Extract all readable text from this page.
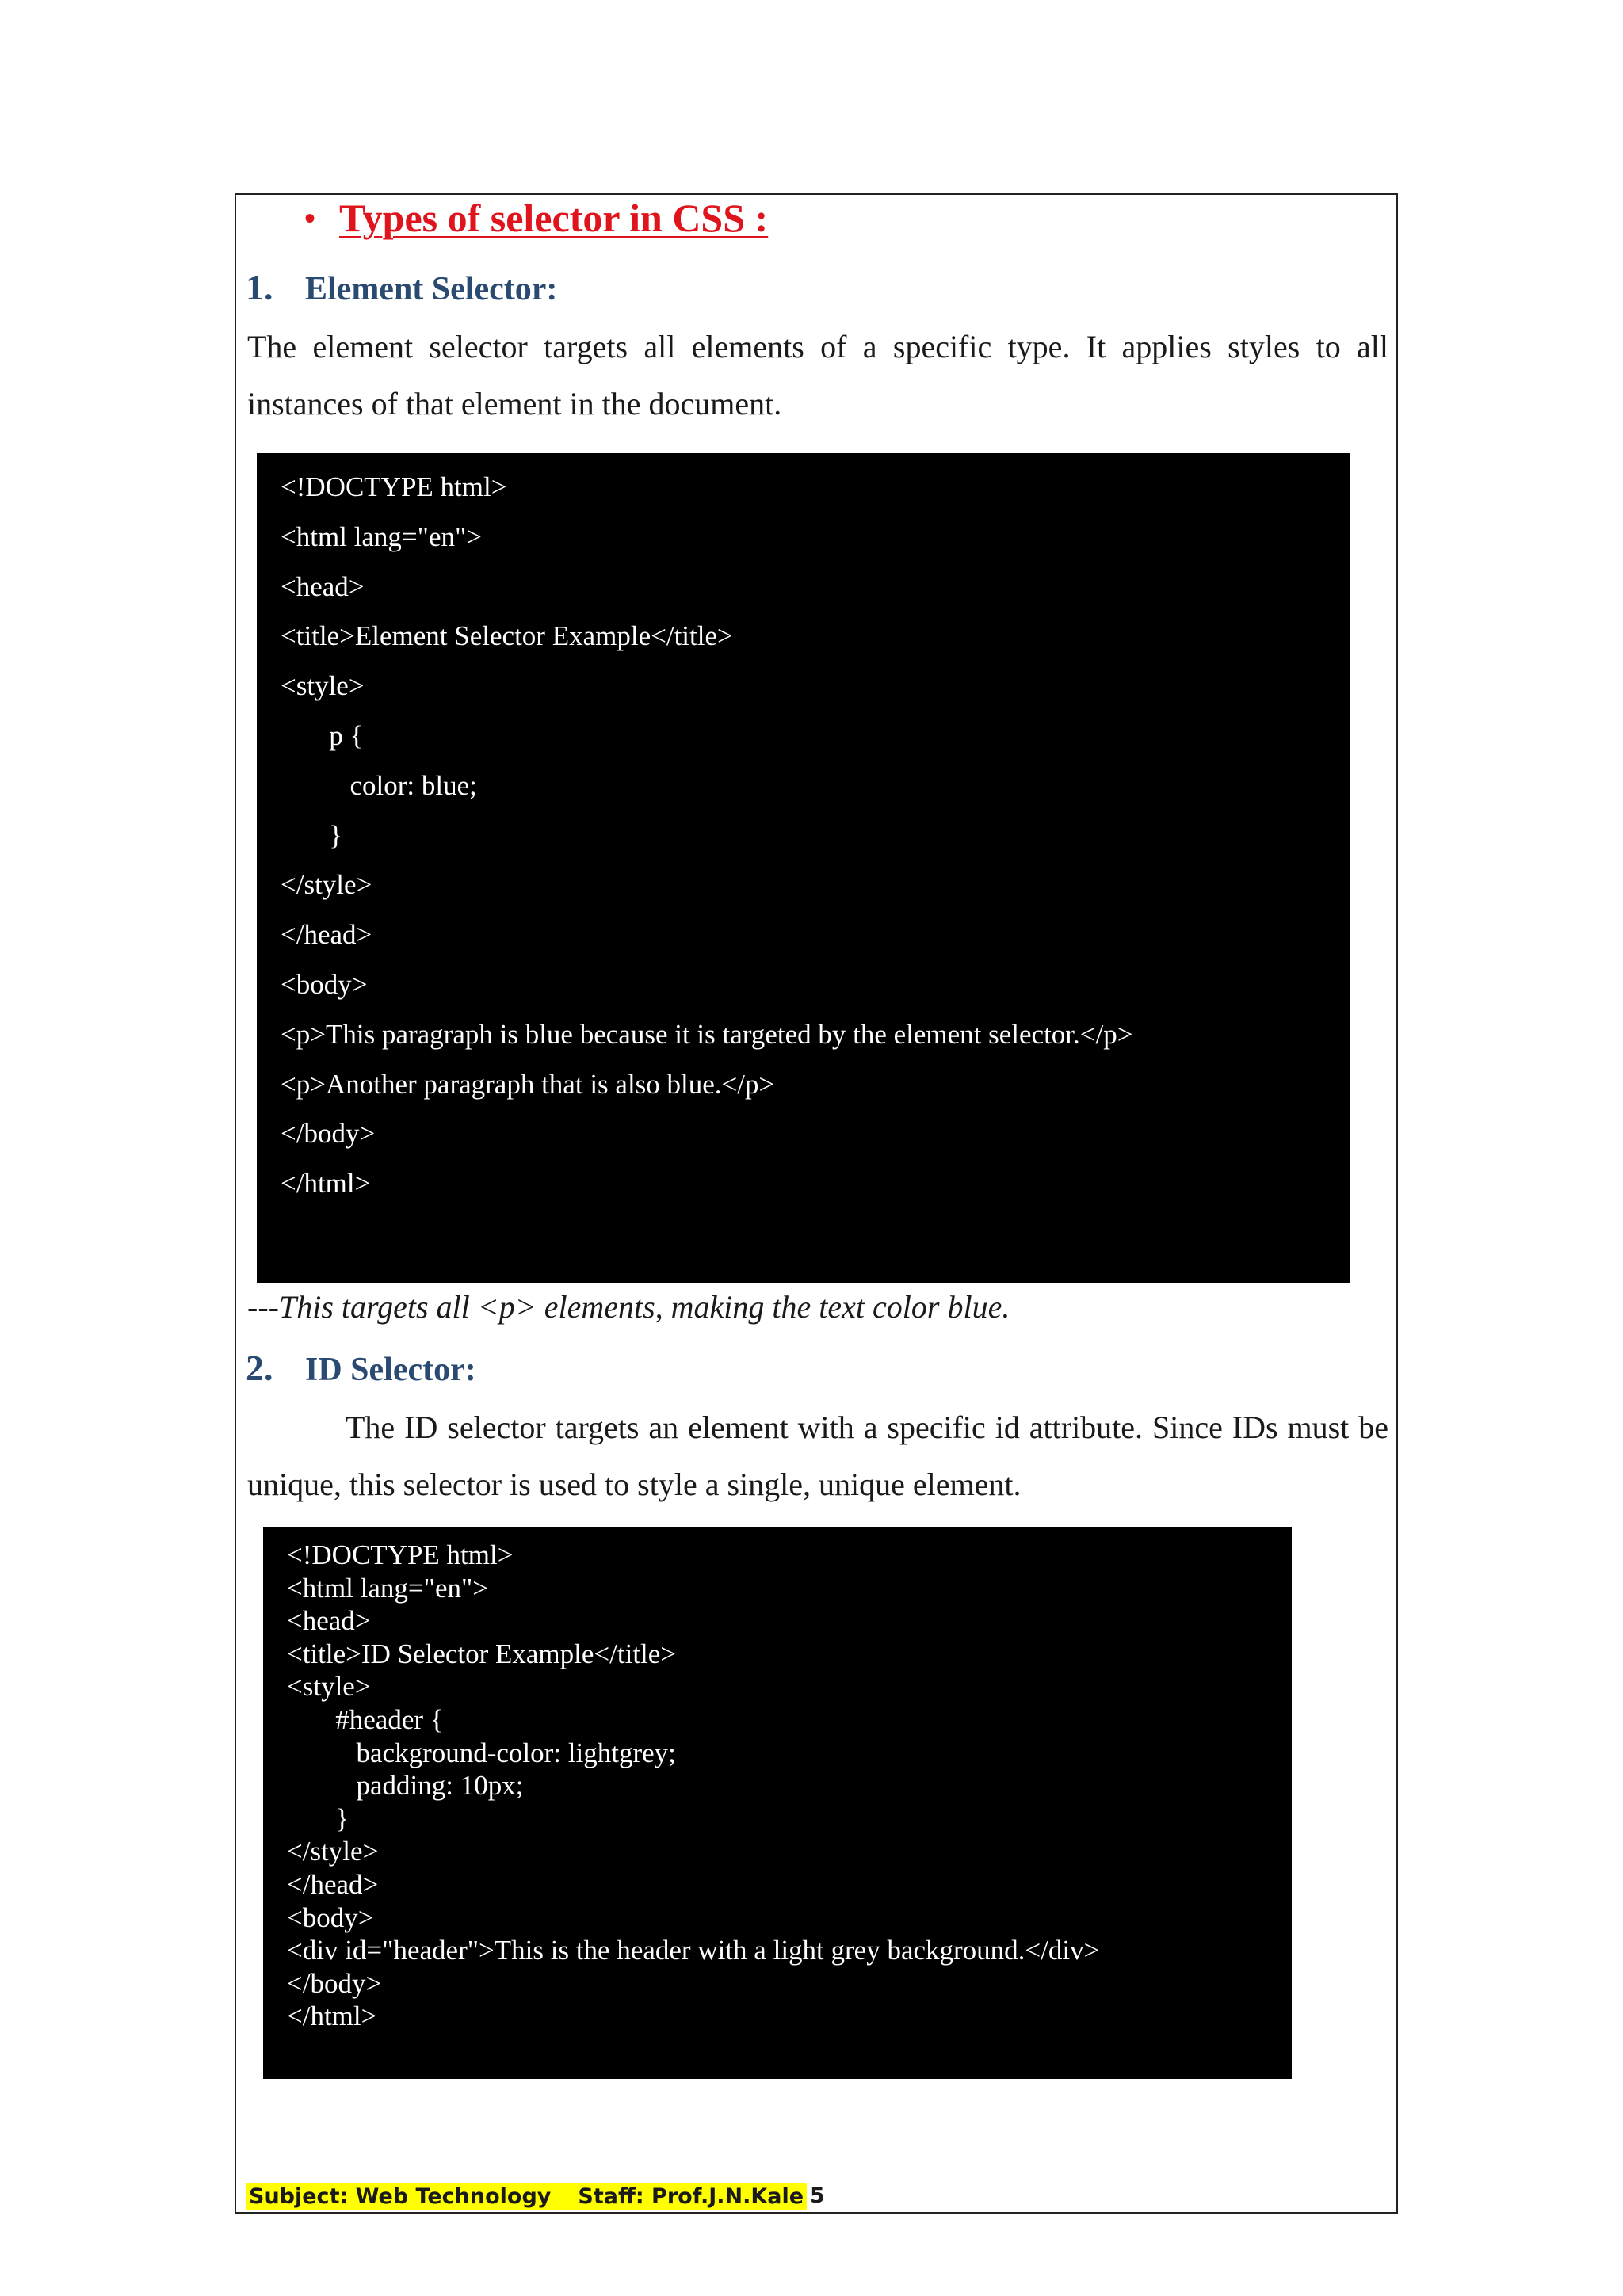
• Types of selector in CSS :
1. Element Selector:
The element selector targets all elements of a specific type. It applies styles to all instances of that element in the document.
<!DOCTYPE html>
<html lang="en">
<head>
<title>Element Selector Example</title>
<style>
p {
color: blue;
}
</style>
</head>
<body>
<p>This paragraph is blue because it is targeted by the element selector.</p>
<p>Another paragraph that is also blue.</p>
</body>
</html>
---This targets all <p> elements, making the text color blue.
2. ID Selector:
The ID selector targets an element with a specific id attribute. Since IDs must be unique, this selector is used to style a single, unique element.
<!DOCTYPE html>
<html lang="en">
<head>
<title>ID Selector Example</title>
<style>
#header {
background-color: lightgrey;
padding: 10px;
}
</style>
</head>
<body>
<div id="header">This is the header with a light grey background.</div>
</body>
</html>
Subject: Web Technology	Staff: Prof.J.N.Kale 5
